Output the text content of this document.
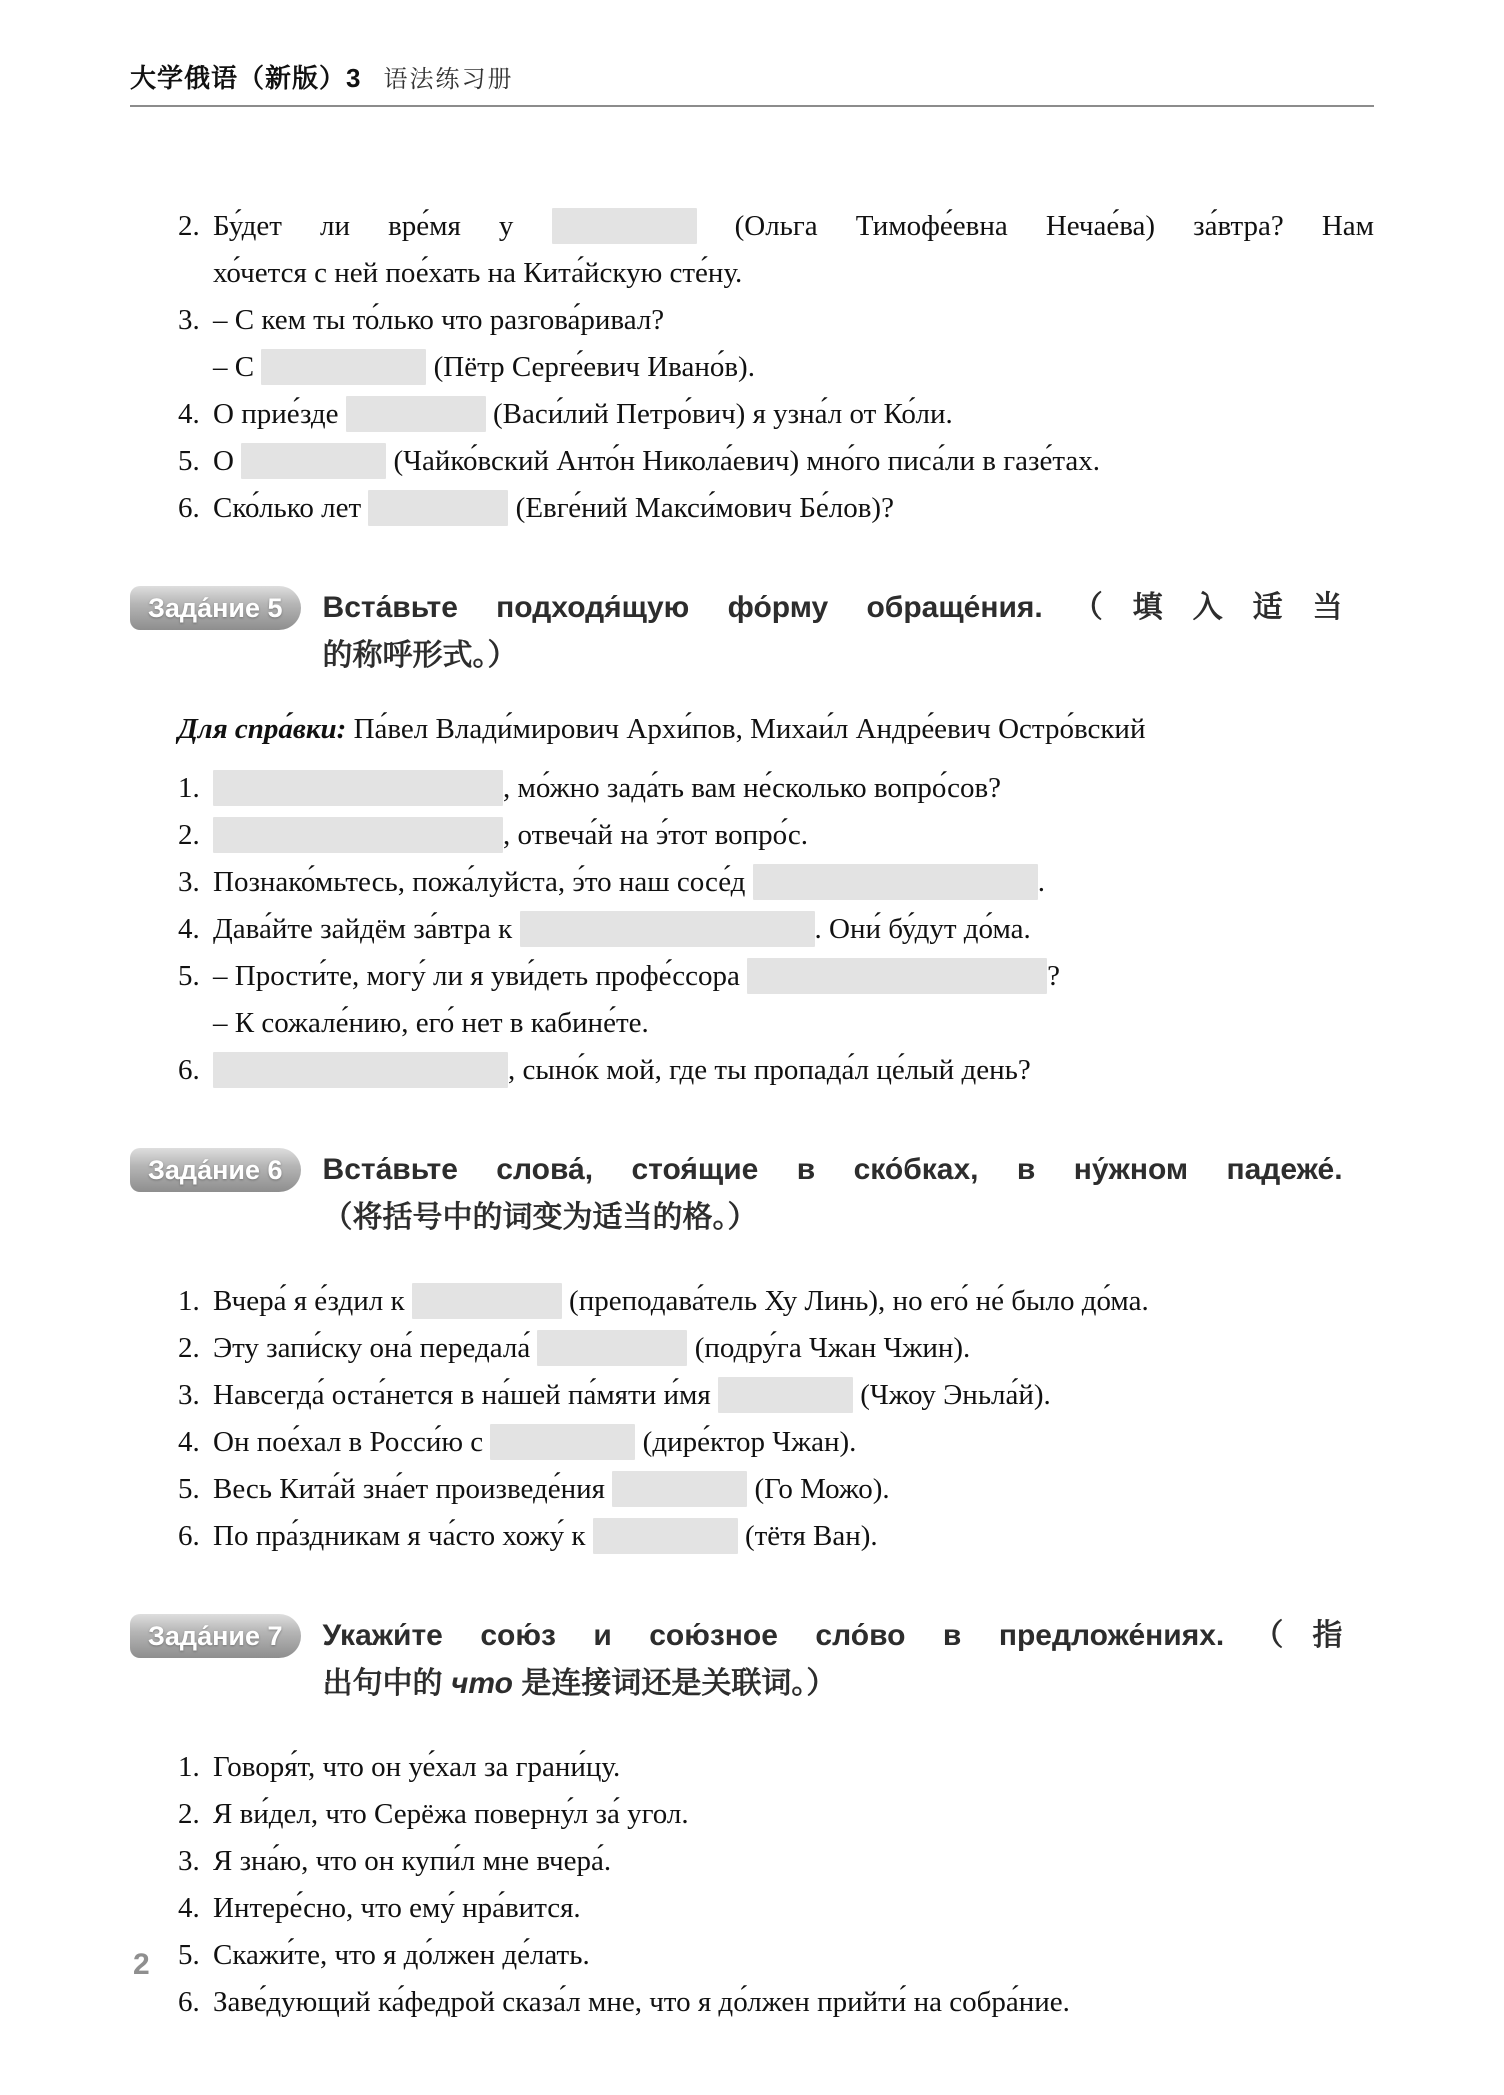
大学俄语（新版）3 语法练习册
2. Бу́дет ли вре́мя у	(Ольга Тимофе́евна Нечае́ва) за́втра? Нам
хо́чется с ней пое́хать на Кита́йскую сте́ну.
3. – С кем ты то́лько что разгова́ривал?
– С	(Пётр Серге́евич Ивано́в).
4. О прие́зде	(Васи́лий Петро́вич) я узна́л от Ко́ли.
5. О	(Чайко́вский Анто́н Никола́евич) мно́го писа́ли в газе́тах.
6. Ско́лько лет	(Евге́ний Макси́мович Бе́лов)?
Зада́ние 5	Вста́вьте подходя́щую фо́рму обраще́ния.（填入适当
的称呼形式。）
Для спра́вки: Па́вел Влади́мирович Архи́пов, Михаи́л Андре́евич Остро́вский
1.	, мо́жно зада́ть вам не́сколько вопро́сов?
2.	, отвеча́й на э́тот вопро́с.
3. Познако́мьтесь, пожа́луйста, э́то наш сосе́д	.
4. Дава́йте зайдём за́втра к	. Они́ бу́дут до́ма.
5. – Прости́те, могу́ ли я уви́деть профе́ссора	?
– К сожале́нию, его́ нет в кабине́те.
6.	, сыно́к мой, где ты пропада́л це́лый день?
Зада́ние 6	Вста́вьте слова́, стоя́щие в ско́бках, в ну́жном падеже́.
（将括号中的词变为适当的格。）
1. Вчера́ я е́здил к	(преподава́тель Ху Линь), но его́ не́ было до́ма.
2. Эту запи́ску она́ передала́	(подру́га Чжан Чжин).
3. Навсегда́ оста́нется в на́шей па́мяти и́мя	(Чжоу Эньла́й).
4. Он пое́хал в Росси́ю с	(дире́ктор Чжан).
5. Весь Кита́й зна́ет произведе́ния	(Го Можо).
6. По пра́здникам я ча́сто хожу́ к	(тётя Ван).
Зада́ние 7	Укажи́те сою́з и сою́зное сло́во в предложе́ниях.（指
出句中的 что 是连接词还是关联词。）
1. Говоря́т, что он уе́хал за грани́цу.
2. Я ви́дел, что Серёжа поверну́л за́ угол.
3. Я зна́ю, что он купи́л мне вчера́.
4. Интере́сно, что ему́ нра́вится.
5. Скажи́те, что я до́лжен де́лать.
6. Заве́дующий ка́федрой сказа́л мне, что я до́лжен прийти́ на собра́ние.
2
